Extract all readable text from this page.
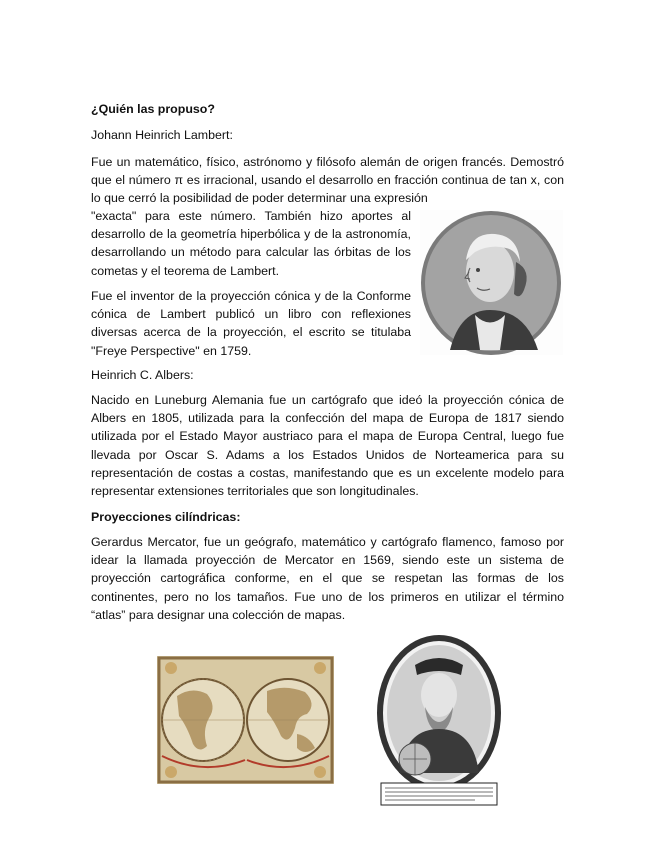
¿Quién las propuso?

Johann Heinrich Lambert:

Fue un matemático, físico, astrónomo y filósofo alemán de origen francés. Demostró que el número π es irracional, usando el desarrollo en fracción continua de tan x, con lo que cerró la posibilidad de poder determinar una expresión

"exacta" para este número. También hizo aportes al desarrollo de la geometría hiperbólica y de la astronomía, desarrollando un método para calcular las órbitas de los cometas y el teorema de Lambert.

Fue el inventor de la proyección cónica y de la Conforme cónica de Lambert publicó un libro con reflexiones diversas acerca de la proyección, el escrito se titulaba "Freye Perspective" en 1759.

Heinrich C. Albers:

Nacido en Luneburg Alemania fue un cartógrafo que ideó la proyección cónica de Albers en 1805, utilizada para la confección del mapa de Europa de 1817 siendo utilizada por el Estado Mayor austriaco para el mapa de Europa Central, luego fue llevada por Oscar S. Adams a los Estados Unidos de Norteamerica para su representación de costas a costas, manifestando que es un excelente modelo para representar extensiones territoriales que son longitudinales.

Proyecciones cilíndricas:

Gerardus Mercator, fue un geógrafo, matemático y cartógrafo flamenco, famoso por idear la llamada proyección de Mercator en 1569, siendo este un sistema de proyección cartográfica conforme, en el que se respetan las formas de los continentes, pero no los tamaños. Fue uno de los primeros en utilizar el término “atlas” para designar una colección de mapas.
